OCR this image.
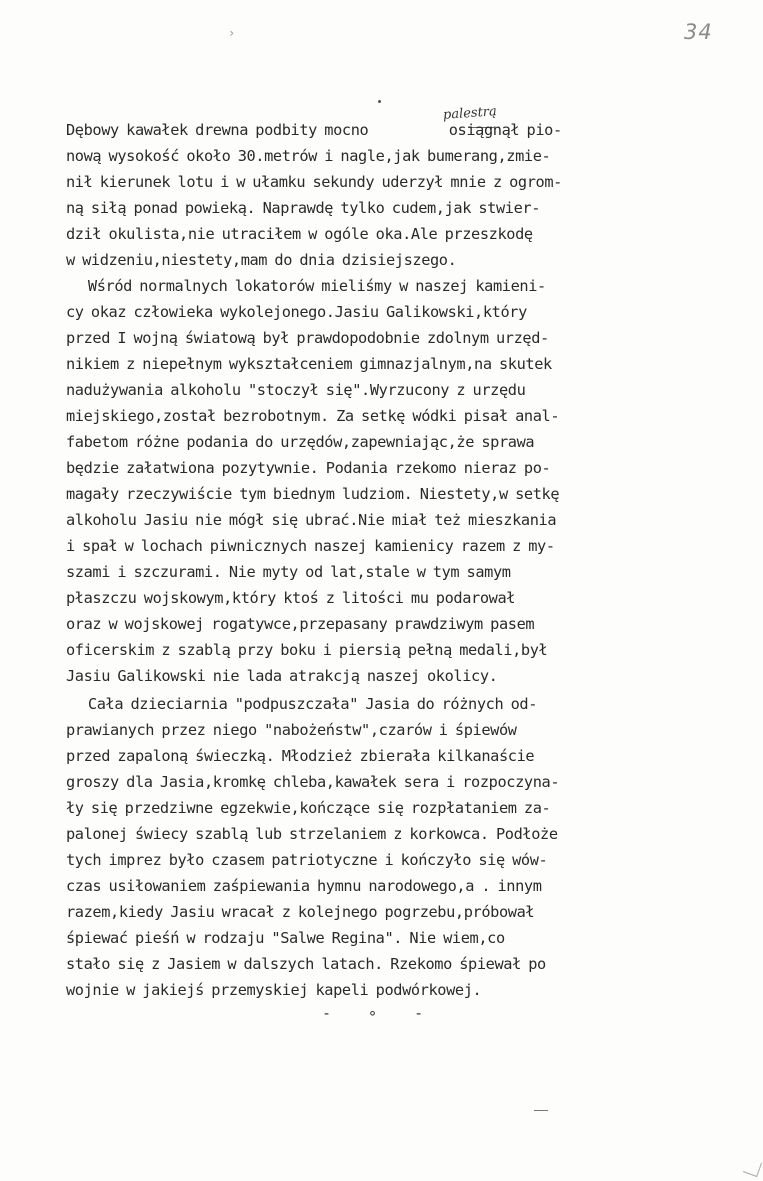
34
›
palestrą
Dębowy kawałek drewna podbity mocno           osiągnął pio-
nową wysokość około 30.metrów i nagle,jak bumerang,zmie-
nił kierunek lotu i w ułamku sekundy uderzył mnie z ogrom-
ną siłą ponad powieką. Naprawdę tylko cudem,jak stwier-
dził okulista,nie utraciłem w ogóle oka.Ale przeszkodę
w widzeniu,niestety,mam do dnia dzisiejszego.
Wśród normalnych lokatorów mieliśmy w naszej kamieni-
cy okaz człowieka wykolejonego.Jasiu Galikowski,który
przed I wojną światową był prawdopodobnie zdolnym urzęd-
nikiem z niepełnym wykształceniem gimnazjalnym,na skutek
nadużywania alkoholu "stoczył się".Wyrzucony z urzędu
miejskiego,został bezrobotnym. Za setkę wódki pisał anal-
fabetom różne podania do urzędów,zapewniając,że sprawa
będzie załatwiona pozytywnie. Podania rzekomo nieraz po-
magały rzeczywiście tym biednym ludziom. Niestety,w setkę
alkoholu Jasiu nie mógł się ubrać.Nie miał też mieszkania
i spał w lochach piwnicznych naszej kamienicy razem z my-
szami i szczurami. Nie myty od lat,stale w tym samym
płaszczu wojskowym,który ktoś z litości mu podarował
oraz w wojskowej rogatywce,przepasany prawdziwym pasem
oficerskim z szablą przy boku i piersią pełną medali,był
Jasiu Galikowski nie lada atrakcją naszej okolicy.
Cała dzieciarnia "podpuszczała" Jasia do różnych od-
prawianych przez niego "nabożeństw",czarów i śpiewów
przed zapaloną świeczką. Młodzież zbierała kilkanaście
groszy dla Jasia,kromkę chleba,kawałek sera i rozpoczyna-
ły się przedziwne egzekwie,kończące się rozpłataniem za-
palonej świecy szablą lub strzelaniem z korkowca. Podłoże
tych imprez było czasem patriotyczne i kończyło się wów-
czas usiłowaniem zaśpiewania hymnu narodowego,a . innym
razem,kiedy Jasiu wracał z kolejnego pogrzebu,próbował
śpiewać pieśń w rodzaju "Salwe Regina". Nie wiem,co
stało się z Jasiem w dalszych latach. Rzekomo śpiewał po
wojnie w jakiejś przemyskiej kapeli podwórkowej.
- ∘ -
